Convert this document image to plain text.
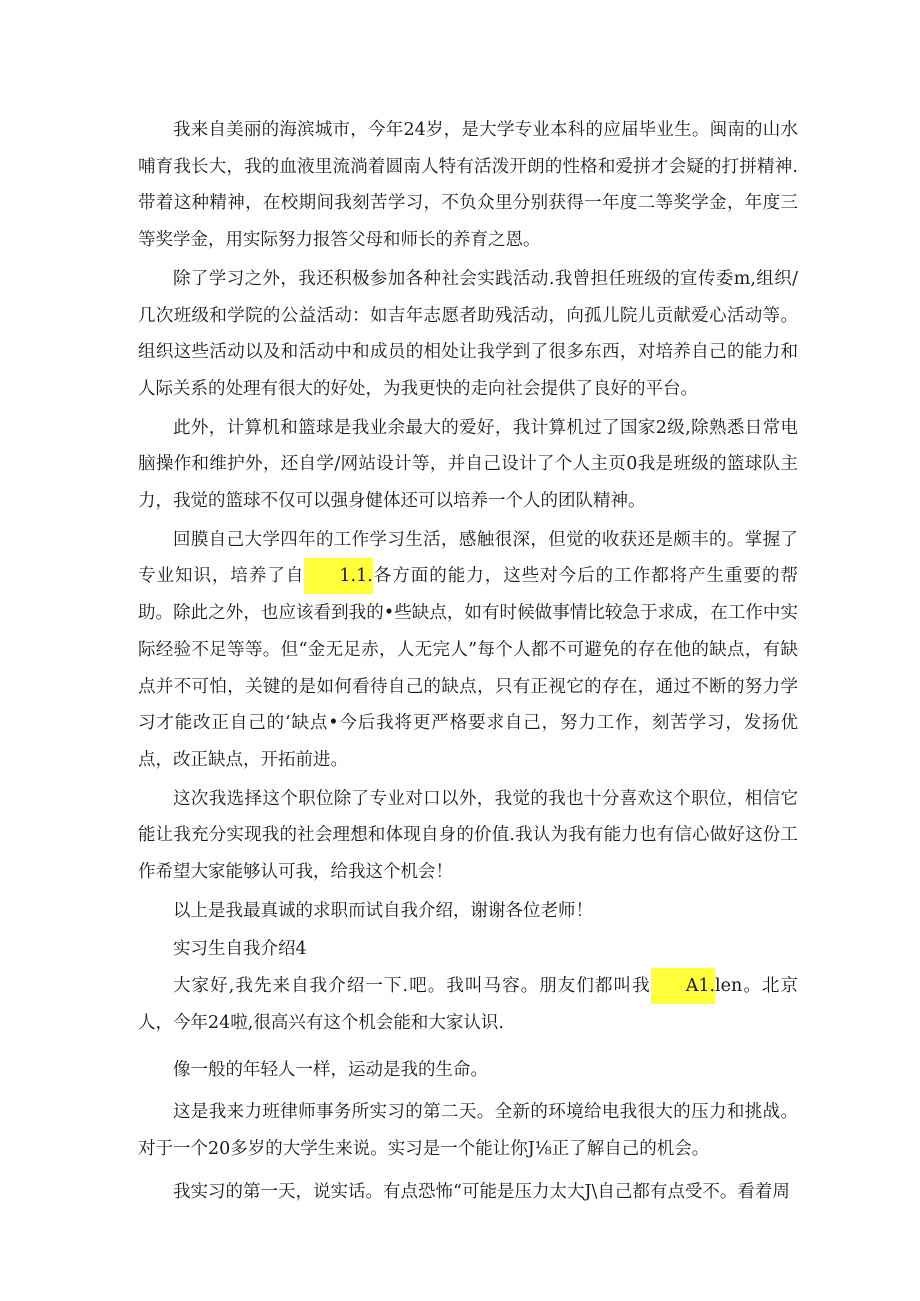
我来自美丽的海滨城市，今年24岁，是大学专业本科的应届毕业生。闽南的山水哺育我长大，我的血液里流淌着圆南人特有活泼开朗的性格和爱拼才会疑的打拼精神.带着这种精神，在校期间我刻苦学习，不负众里分别获得一年度二等奖学金，年度三等奖学金，用实际努力报答父母和师长的养育之恩。

除了学习之外，我还积极参加各种社会实践活动.我曾担任班级的宣传委m,组织/几次班级和学院的公益活动：如吉年志愿者助残活动，向孤儿院儿贡献爱心活动等。组织这些活动以及和活动中和成员的相处让我学到了很多东西，对培养自己的能力和人际关系的处理有很大的好处，为我更快的走向社会提供了良好的平台。

此外，计算机和篮球是我业余最大的爱好，我计算机过了国家2级,除熟悉日常电脑操作和维护外，还自学/网站设计等，并自己设计了个人主页0我是班级的篮球队主力，我觉的篮球不仅可以强身健体还可以培养一个人的团队精神。

回膜自己大学四年的工作学习生活，感触很深，但觉的收获还是颇丰的。掌握了专业知识，培养了自 1.1.各方面的能力，这些对今后的工作都将产生重要的帮助。除此之外，也应该看到我的•些缺点，如有时候做事情比较急于求成，在工作中实际经验不足等等。但“金无足赤，人无完人”每个人都不可避免的存在他的缺点，有缺点并不可怕，关键的是如何看待自己的缺点，只有正视它的存在，通过不断的努力学习才能改正自己的‘缺点•今后我将更严格要求自己，努力工作，刻苦学习，发扬优点，改正缺点，开拓前进。

这次我选择这个职位除了专业对口以外，我觉的我也十分喜欢这个职位，相信它能让我充分实现我的社会理想和体现自身的价值.我认为我有能力也有信心做好这份工作希望大家能够认可我，给我这个机会！

以上是我最真诚的求职而试自我介绍，谢谢各位老师！

实习生自我介绍4

大家好,我先来自我介绍一下.吧。我叫马容。朋友们都叫我 A1.len。北京人，今年24啦,很高兴有这个机会能和大家认识.

像一般的年轻人一样，运动是我的生命。

这是我来力班律师事务所实习的第二天。全新的环境给电我很大的压力和挑战。对于一个20多岁的大学生来说。实习是一个能让你J⅛正了解自己的机会。

我实习的第一天，说实话。有点恐怖“可能是压力太大J\自己都有点受不。看着周
